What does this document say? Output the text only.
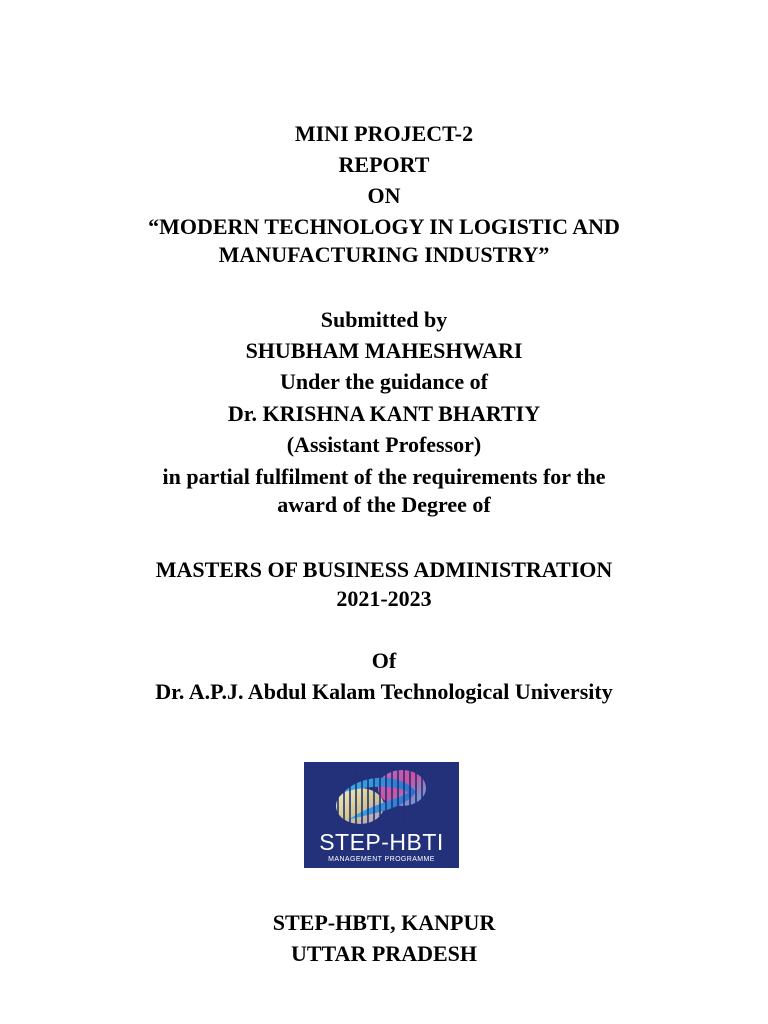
MINI PROJECT-2
REPORT
ON
“MODERN TECHNOLOGY IN LOGISTIC AND
MANUFACTURING INDUSTRY”
Submitted by
SHUBHAM MAHESHWARI
Under the guidance of
Dr. KRISHNA KANT BHARTIY
(Assistant Professor)
in partial fulfilment of the requirements for the
award of the Degree of
MASTERS OF BUSINESS ADMINISTRATION
2021-2023
Of
Dr. A.P.J. Abdul Kalam Technological University
STEP-HBTI
MANAGEMENT PROGRAMME
STEP-HBTI, KANPUR
UTTAR PRADESH
